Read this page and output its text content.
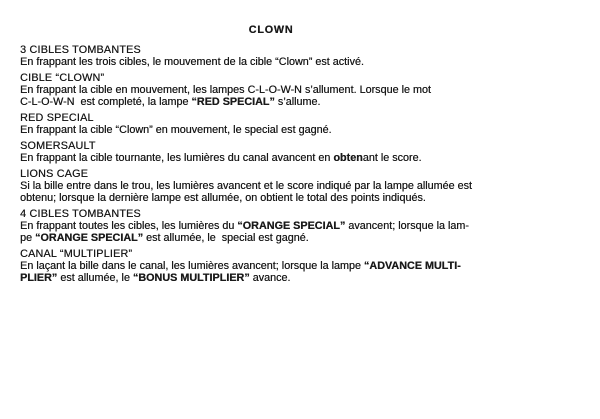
CLOWN
3 CIBLES TOMBANTES

En frappant les trois cibles, le mouvement de la cible “Clown” est activé.

CIBLE “CLOWN”

En frappant la cible en mouvement, les lampes C-L-O-W-N s’allument. Lorsque le mot

C-L-O-W-N  est completé, la lampe “RED SPECIAL” s’allume.

RED SPECIAL

En frappant la cible “Clown” en mouvement, le special est gagné.

SOMERSAULT

En frappant la cible tournante, les lumières du canal avancent en obtenant le score.

LIONS CAGE

Si la bille entre dans le trou, les lumières avancent et le score indiqué par la lampe allumée est

obtenu; lorsque la dernière lampe est allumée, on obtient le total des points indiqués.

4 CIBLES TOMBANTES

En frappant toutes les cibles, les lumières du “ORANGE SPECIAL” avancent; lorsque la lam-

pe “ORANGE SPECIAL” est allumée, le  special est gagné.

CANAL “MULTIPLIER”

En laçant la bille dans le canal, les lumières avancent; lorsque la lampe “ADVANCE MULTI-

PLIER” est allumée, le “BONUS MULTIPLIER” avance.
